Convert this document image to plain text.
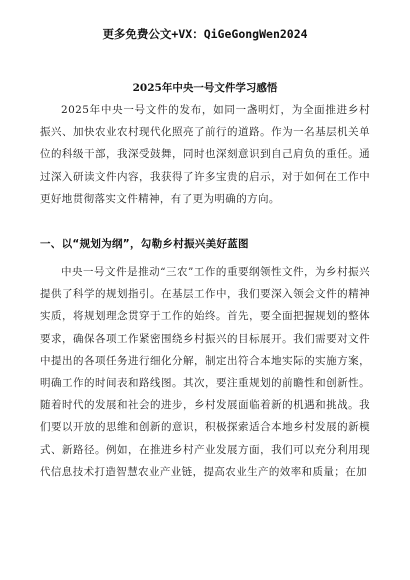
更多免费公文+VX：QiGeGongWen2024
2025年中央一号文件学习感悟

2025年中央一号文件的发布，如同一盏明灯，为全面推进乡村振兴、加快农业农村现代化照亮了前行的道路。作为一名基层机关单位的科级干部，我深受鼓舞，同时也深刻意识到自己肩负的重任。通过深入研读文件内容，我获得了许多宝贵的启示，对于如何在工作中更好地贯彻落实文件精神，有了更为明确的方向。

一、以“规划为纲”，勾勒乡村振兴美好蓝图

中央一号文件是推动“三农”工作的重要纲领性文件，为乡村振兴提供了科学的规划指引。在基层工作中，我们要深入领会文件的精神实质，将规划理念贯穿于工作的始终。首先，要全面把握规划的整体要求，确保各项工作紧密围绕乡村振兴的目标展开。我们需要对文件中提出的各项任务进行细化分解，制定出符合本地实际的实施方案，明确工作的时间表和路线图。其次，要注重规划的前瞻性和创新性。随着时代的发展和社会的进步，乡村发展面临着新的机遇和挑战。我们要以开放的思维和创新的意识，积极探索适合本地乡村发展的新模式、新路径。例如，在推进乡村产业发展方面，我们可以充分利用现代信息技术打造智慧农业产业链，提高农业生产的效率和质量；在加
